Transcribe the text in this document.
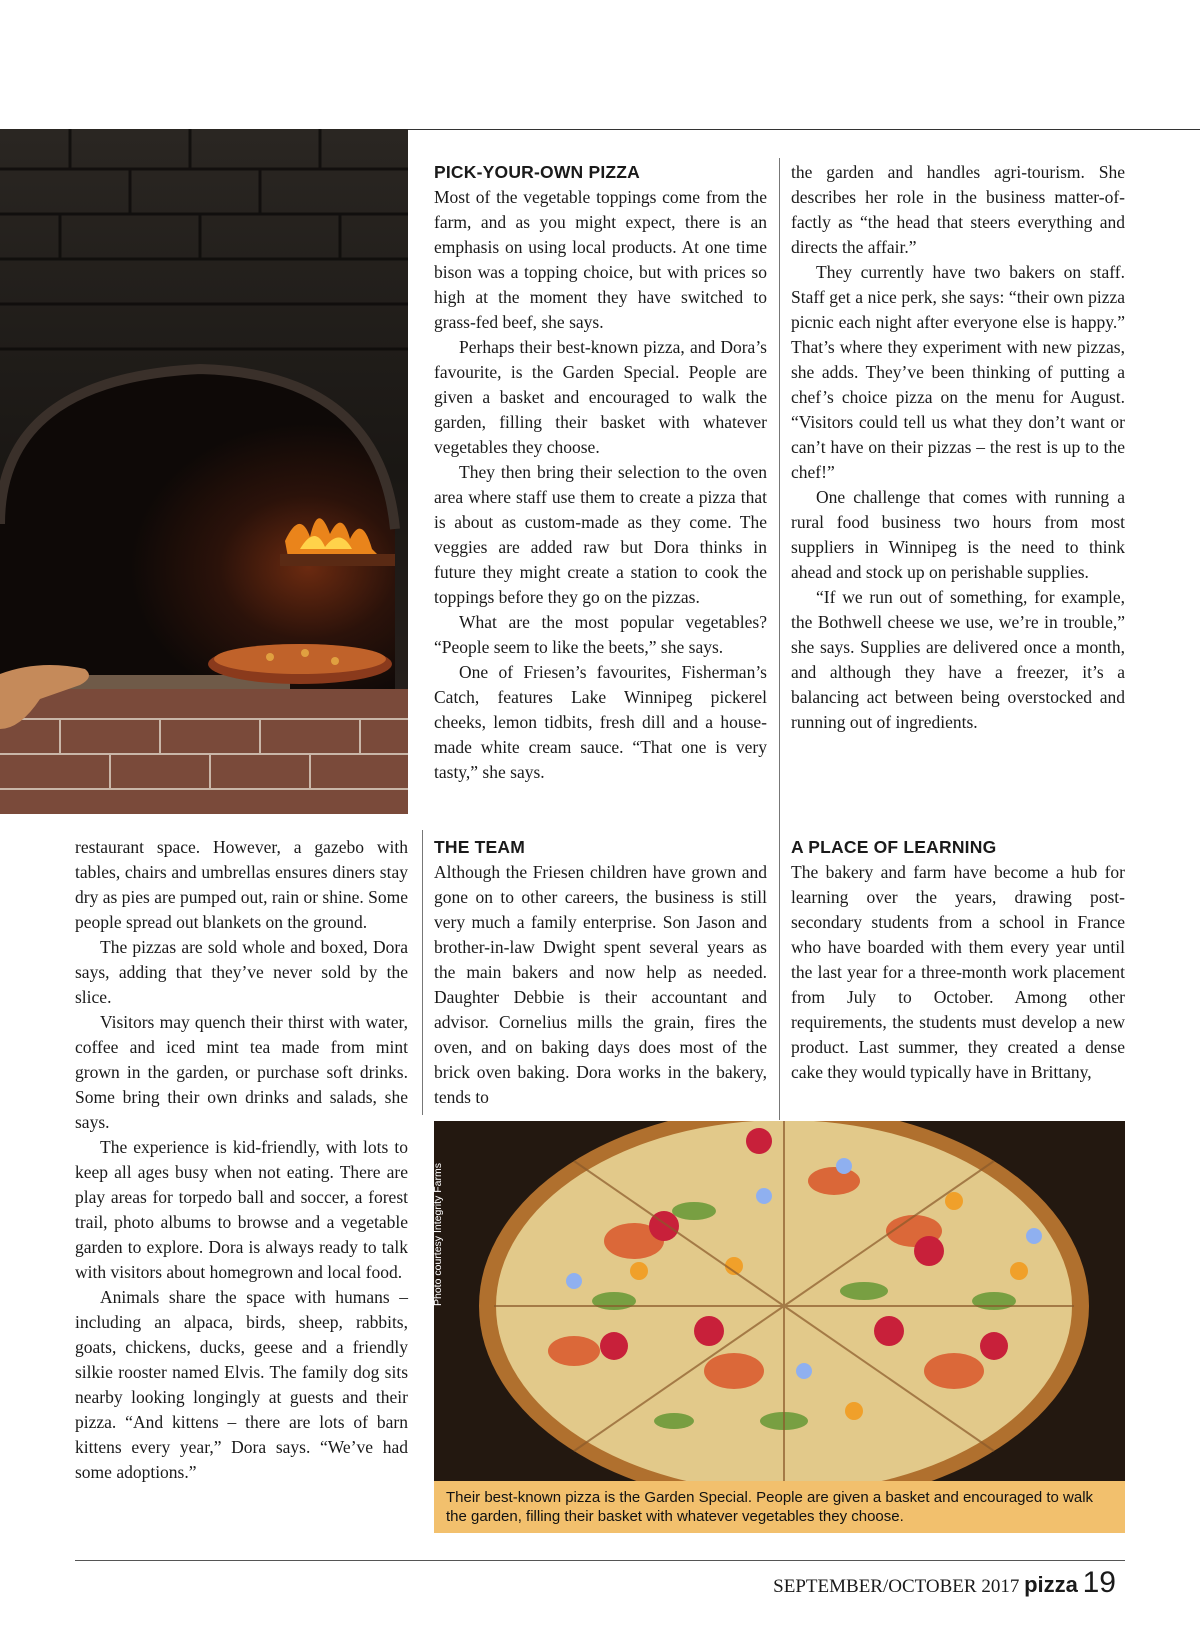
PICK-YOUR-OWN PIZZA

Most of the vegetable toppings come from the farm, and as you might expect, there is an emphasis on using local products. At one time bison was a topping choice, but with prices so high at the moment they have switched to grass-fed beef, she says.

Perhaps their best-known pizza, and Dora’s favourite, is the Garden Special. People are given a basket and encouraged to walk the garden, filling their basket with whatever vegetables they choose.

They then bring their selection to the oven area where staff use them to create a pizza that is about as custom-made as they come. The veggies are added raw but Dora thinks in future they might create a station to cook the toppings before they go on the pizzas.

What are the most popular vegetables? “People seem to like the beets,” she says.

One of Friesen’s favourites, Fisherman’s Catch, features Lake Winnipeg pickerel cheeks, lemon tidbits, fresh dill and a house-made white cream sauce. “That one is very tasty,” she says.

the garden and handles agri-tourism. She describes her role in the business matter-of-factly as “the head that steers everything and directs the affair.”

They currently have two bakers on staff. Staff get a nice perk, she says: “their own pizza picnic each night after everyone else is happy.” That’s where they experiment with new pizzas, she adds. They’ve been thinking of putting a chef’s choice pizza on the menu for August. “Visitors could tell us what they don’t want or can’t have on their pizzas – the rest is up to the chef!”

One challenge that comes with running a rural food business two hours from most suppliers in Winnipeg is the need to think ahead and stock up on perishable supplies.

“If we run out of something, for example, the Bothwell cheese we use, we’re in trouble,” she says. Supplies are delivered once a month, and although they have a freezer, it’s a balancing act between being overstocked and running out of ingredients.

restaurant space. However, a gazebo with tables, chairs and umbrellas ensures diners stay dry as pies are pumped out, rain or shine. Some people spread out blankets on the ground.

The pizzas are sold whole and boxed, Dora says, adding that they’ve never sold by the slice.

Visitors may quench their thirst with water, coffee and iced mint tea made from mint grown in the garden, or purchase soft drinks. Some bring their own drinks and salads, she says.

The experience is kid-friendly, with lots to keep all ages busy when not eating. There are play areas for torpedo ball and soccer, a forest trail, photo albums to browse and a vegetable garden to explore. Dora is always ready to talk with visitors about homegrown and local food.

Animals share the space with humans – including an alpaca, birds, sheep, rabbits, goats, chickens, ducks, geese and a friendly silkie rooster named Elvis. The family dog sits nearby looking longingly at guests and their pizza. “And kittens – there are lots of barn kittens every year,” Dora says. “We’ve had some adoptions.”

THE TEAM

Although the Friesen children have grown and gone on to other careers, the business is still very much a family enterprise. Son Jason and brother-in-law Dwight spent several years as the main bakers and now help as needed. Daughter Debbie is their accountant and advisor. Cornelius mills the grain, fires the oven, and on baking days does most of the brick oven baking. Dora works in the bakery, tends to

A PLACE OF LEARNING

The bakery and farm have become a hub for learning over the years, drawing post-secondary students from a school in France who have boarded with them every year until the last year for a three-month work placement from July to October. Among other requirements, the students must develop a new product. Last summer, they created a dense cake they would typically have in Brittany,

Photo courtesy Integrity Farms
Their best-known pizza is the Garden Special. People are given a basket and encouraged to walk the garden, filling their basket with whatever vegetables they choose.
SEPTEMBER/OCTOBER 2017 pizza 19
